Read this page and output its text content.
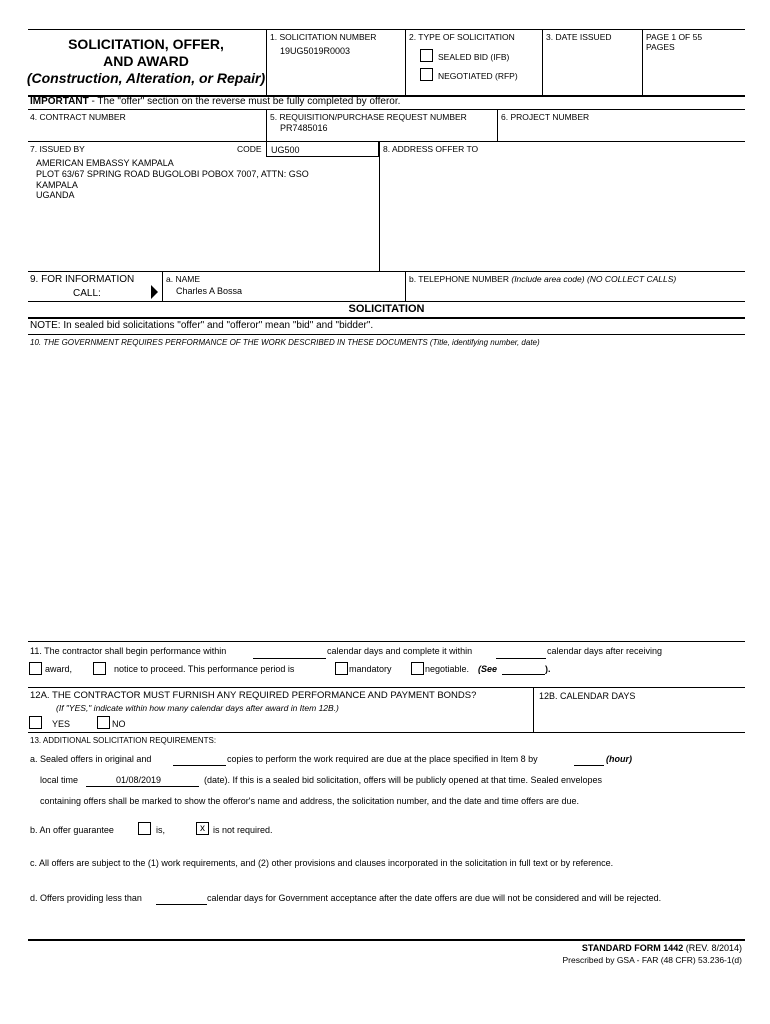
SOLICITATION, OFFER,
AND AWARD
(Construction, Alteration, or Repair)
1. SOLICITATION NUMBER
19UG5019R0003
2. TYPE OF SOLICITATION
SEALED BID (IFB)
NEGOTIATED (RFP)
3. DATE ISSUED	PAGE 1 OF 55
PAGES
IMPORTANT - The "offer" section on the reverse must be fully completed by offeror.
4. CONTRACT NUMBER	5. REQUISITION/PURCHASE REQUEST NUMBER
PR7485016
6. PROJECT NUMBER
7. ISSUED BY	CODE UG500
AMERICAN EMBASSY KAMPALA
PLOT 63/67 SPRING ROAD BUGOLOBI POBOX 7007, ATTN: GSO
KAMPALA
UGANDA
8. ADDRESS OFFER TO
9. FOR INFORMATION
CALL:
a. NAME
Charles A Bossa
b. TELEPHONE NUMBER (Include area code) (NO COLLECT CALLS)
SOLICITATION
NOTE: In sealed bid solicitations "offer" and "offeror" mean "bid" and "bidder".
10. THE GOVERNMENT REQUIRES PERFORMANCE OF THE WORK DESCRIBED IN THESE DOCUMENTS (Title, identifying number, date)
11. The contractor shall begin performance within	calendar days and complete it within	calendar days after receiving
award,	notice to proceed. This performance period is	mandatory	negotiable. (See	).
12A. THE CONTRACTOR MUST FURNISH ANY REQUIRED PERFORMANCE AND PAYMENT BONDS?
(If "YES," indicate within how many calendar days after award in Item 12B.)
YES	NO
12B. CALENDAR DAYS
13. ADDITIONAL SOLICITATION REQUIREMENTS:
a. Sealed offers in original and	copies to perform the work required are due at the place specified in Item 8 by	(hour)
local time	01/08/2019	(date). If this is a sealed bid solicitation, offers will be publicly opened at that time. Sealed envelopes
containing offers shall be marked to show the offeror's name and address, the solicitation number, and the date and time offers are due.
b. An offer guarantee	is,	x is not required.
c. All offers are subject to the (1) work requirements, and (2) other provisions and clauses incorporated in the solicitation in full text or by reference.
d. Offers providing less than	calendar days for Government acceptance after the date offers are due will not be considered and will be rejected.
STANDARD FORM 1442 (REV. 8/2014)
Prescribed by GSA - FAR (48 CFR) 53.236-1(d)
